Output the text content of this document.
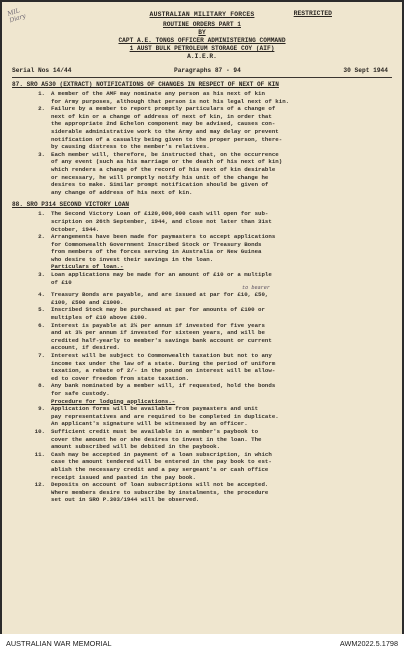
MIL Diary	AUSTRALIAN MILITARY FORCES	RESTRICTED
ROUTINE ORDERS PART 1
BY
CAPT A.E. TONGS OFFICER ADMINISTERING COMMAND
1 AUST BULK PETROLEUM STORAGE COY (AIF)
A.I.E.R.
Serial Nos 14/44	Paragraphs 87 - 94	30 Sept 1944
87. SRO A530 (EXTRACT) NOTIFICATIONS OF CHANGES IN RESPECT OF NEXT OF KIN
1.	A member of the AMF may nominate any person as his next of kin
for Army purposes, although that person is not his legal next of kin.
2.	Failure by a member to report promptly particulars of a change of
next of kin or a change of address of next of kin, in order that
the appropriate 2nd Echelon component may be advised, causes con-
siderable administrative work to the Army and may delay or prevent
notification of a casualty being given to the proper person, there-
by causing distress to the member's relatives.
3.	Each member will, therefore, be instructed that, on the occurrence
of any event (such as his marriage or the death of his next of kin)
which renders a change of the record of his next of kin desirable
or necessary, he will promptly notify his unit of the change he
desires to make. Similar prompt notification should be given of
any change of address of his next of kin.
88. SRO P314 SECOND VICTORY LOAN
1.	The Second Victory Loan of £120,000,000 cash will open for sub-
scription on 26th September, 1944, and close not later than 31st
October, 1944.
2.	Arrangements have been made for paymasters to accept applications
for Commonwealth Government Inscribed Stock or Treasury Bonds
from members of the forces serving in Australia or New Guinea
who desire to invest their savings in the loan.
Particulars of loan.-
3.	Loan applications may be made for an amount of £10 or a multiple
of £10
to bearer
4.	Treasury Bonds are payable, and are issued at par for £10, £50,
£100, £500 and £1000.
5.	Inscribed Stock may be purchased at par for amounts of £100 or
multiples of £10 above £100.
6.	Interest is payable at 2¼ per annum if invested for five years
and at 3¼ per annum if invested for sixteen years, and will be
credited half-yearly to member's savings bank account or current
account, if desired.
7.	Interest will be subject to Commonwealth taxation but not to any
income tax under the law of a state. During the period of uniform
taxation, a rebate of 2/- in the pound on interest will be allow-
ed to cover freedom from state taxation.
8.	Any bank nominated by a member will, if requested, hold the bonds
for safe custody.
Procedure for lodging applications.-
9.	Application forms will be available from paymasters and unit
pay representatives and are required to be completed in duplicate.
An applicant's signature will be witnessed by an officer.
10.	Sufficient credit must be available in a member's paybook to
cover the amount he or she desires to invest in the loan. The
amount subscribed will be debited in the paybook.
11.	Cash may be accepted in payment of a loan subscription, in which
case the amount tendered will be entered in the pay book to est-
ablish the necessary credit and a pay sergeant's or cash office
receipt issued and pasted in the pay book.
12.	Deposits on account of loan subscriptions will not be accepted.
Where members desire to subscribe by instalments, the procedure
set out in SRO P.303/1944 will be observed.
AUSTRALIAN WAR MEMORIAL	AWM2022.5.1798
